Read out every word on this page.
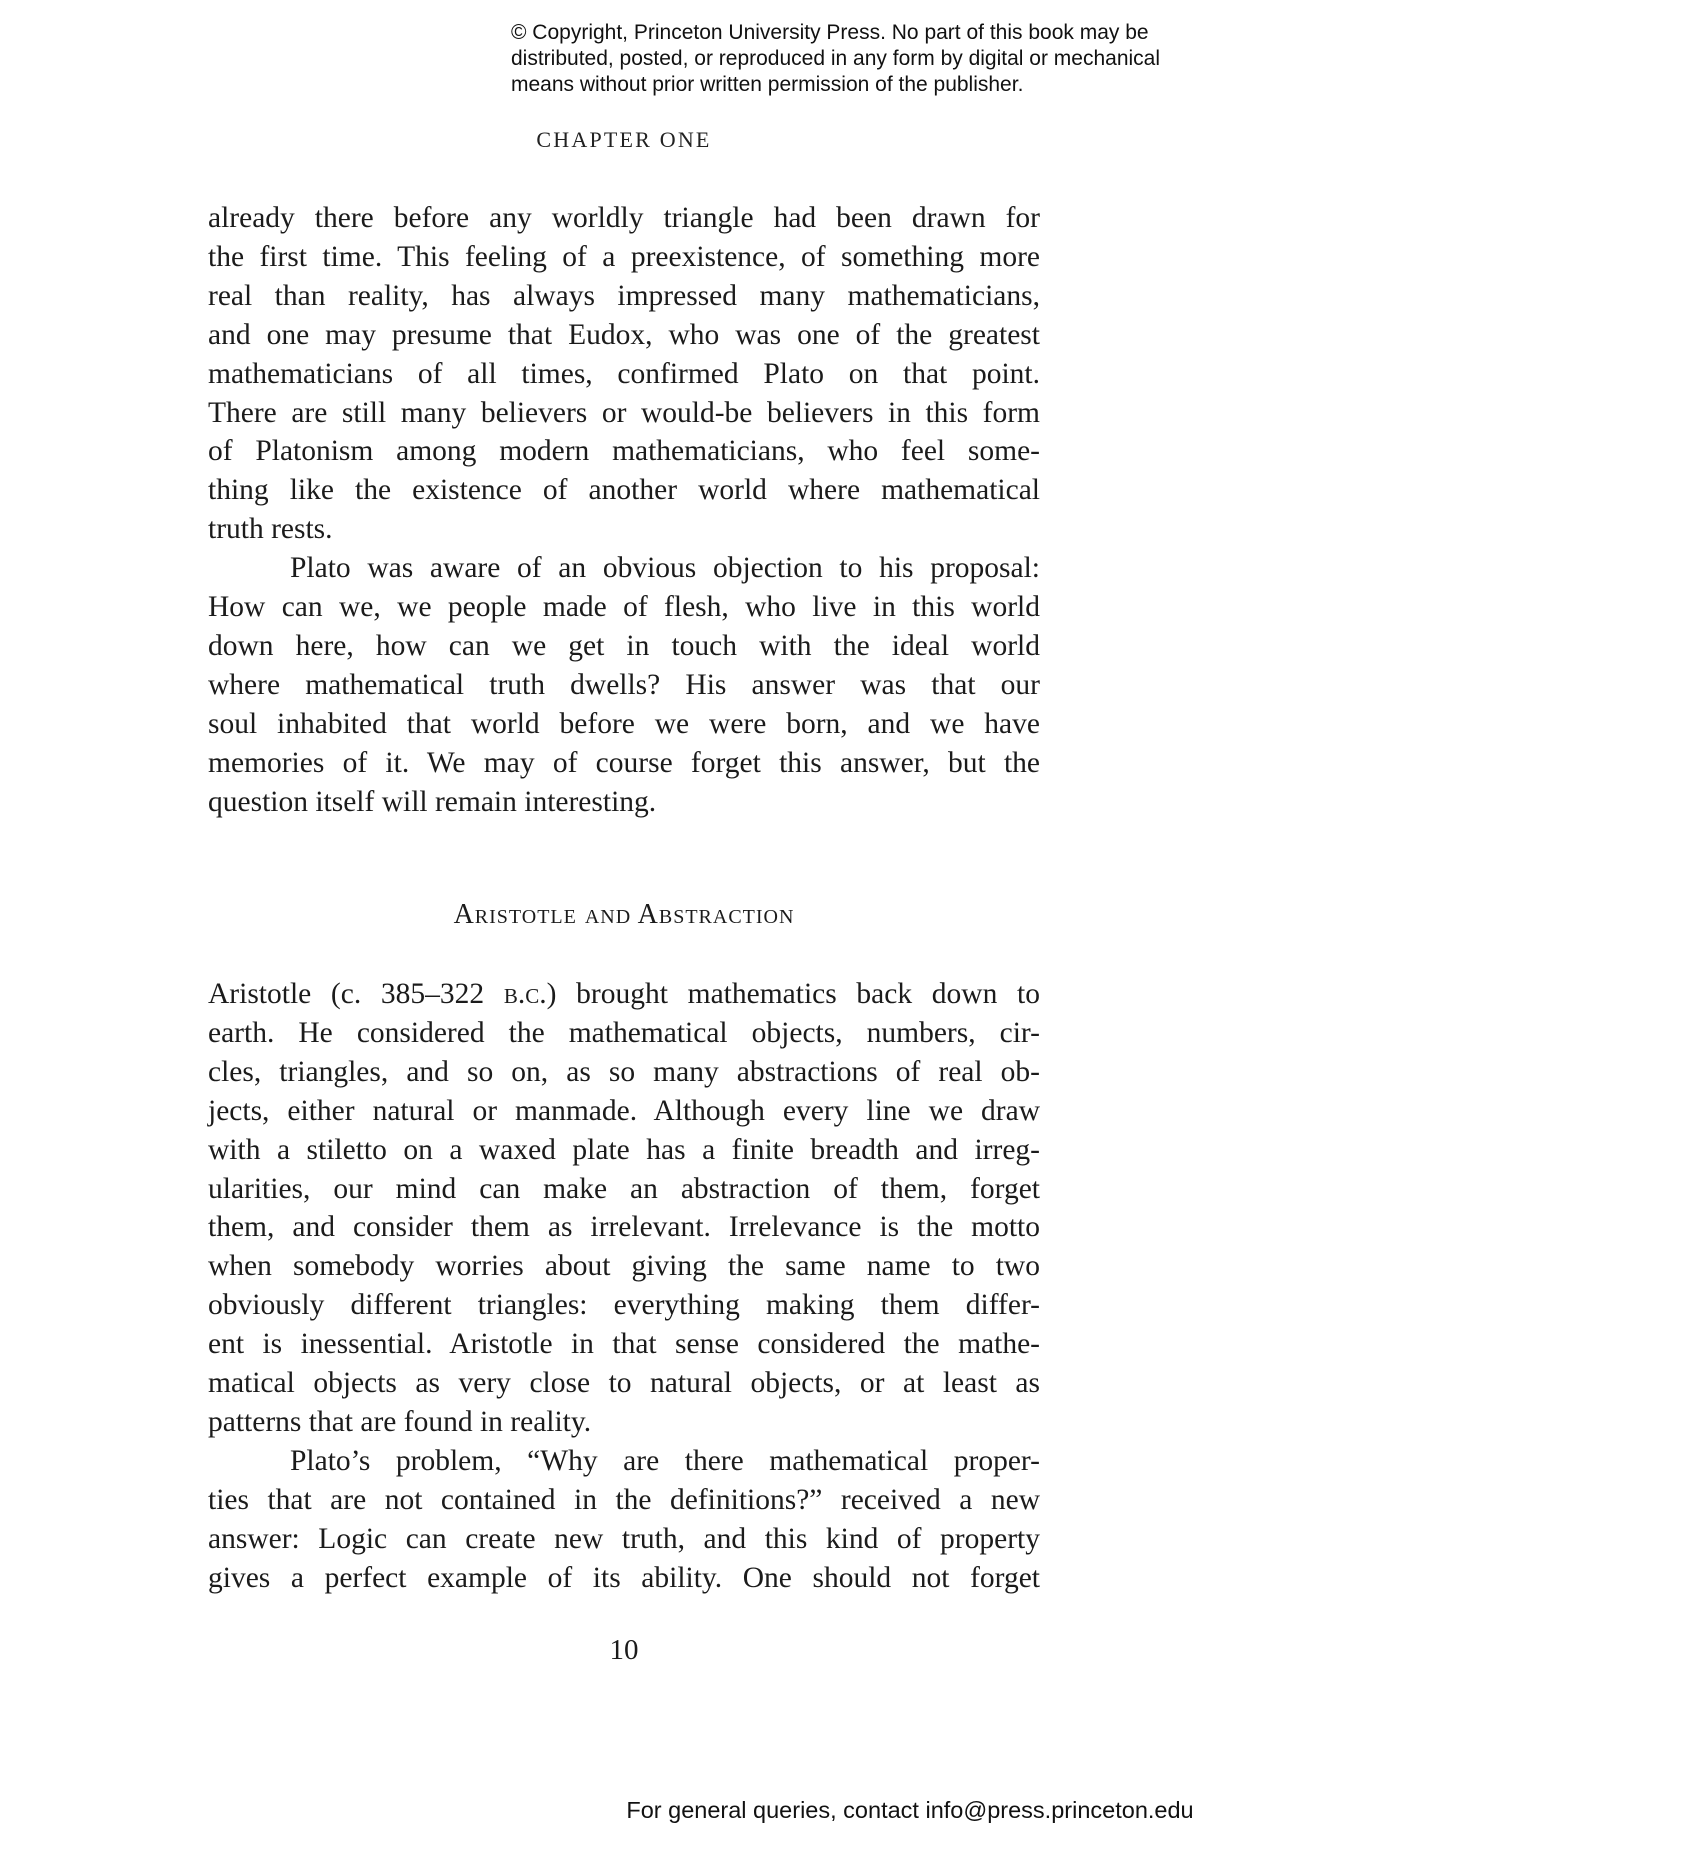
© Copyright, Princeton University Press. No part of this book may be
distributed, posted, or reproduced in any form by digital or mechanical
means without prior written permission of the publisher.
CHAPTER ONE
already there before any worldly triangle had been drawn for
the first time. This feeling of a preexistence, of something more
real than reality, has always impressed many mathematicians,
and one may presume that Eudox, who was one of the greatest
mathematicians of all times, confirmed Plato on that point.
There are still many believers or would-be believers in this form
of Platonism among modern mathematicians, who feel some-
thing like the existence of another world where mathematical
truth rests.
Plato was aware of an obvious objection to his proposal:
How can we, we people made of flesh, who live in this world
down here, how can we get in touch with the ideal world
where mathematical truth dwells? His answer was that our
soul inhabited that world before we were born, and we have
memories of it. We may of course forget this answer, but the
question itself will remain interesting.
Aristotle and Abstraction
Aristotle (c. 385–322 b.c.) brought mathematics back down to
earth. He considered the mathematical objects, numbers, cir-
cles, triangles, and so on, as so many abstractions of real ob-
jects, either natural or manmade. Although every line we draw
with a stiletto on a waxed plate has a finite breadth and irreg-
ularities, our mind can make an abstraction of them, forget
them, and consider them as irrelevant. Irrelevance is the motto
when somebody worries about giving the same name to two
obviously different triangles: everything making them differ-
ent is inessential. Aristotle in that sense considered the mathe-
matical objects as very close to natural objects, or at least as
patterns that are found in reality.
Plato’s problem, “Why are there mathematical proper-
ties that are not contained in the definitions?” received a new
answer: Logic can create new truth, and this kind of property
gives a perfect example of its ability. One should not forget
10
For general queries, contact info@press.princeton.edu
